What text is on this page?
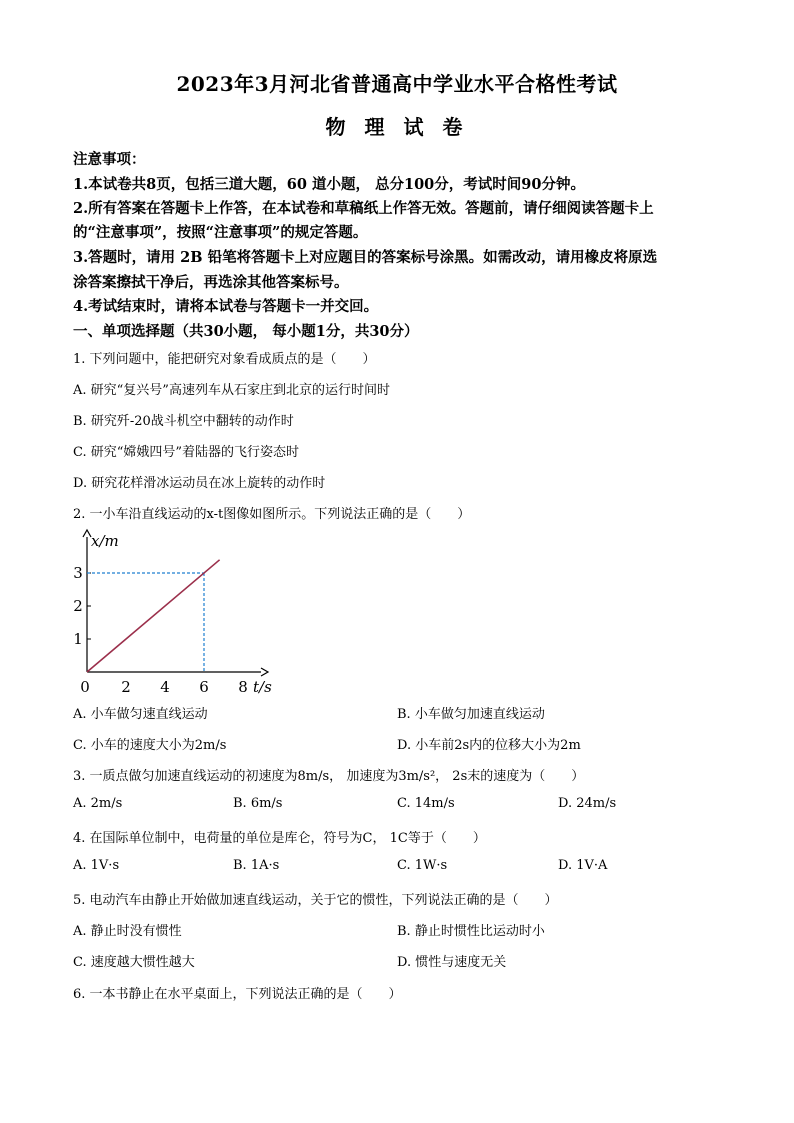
2023年3月河北省普通高中学业水平合格性考试
物 理 试 卷
注意事项：
1.本试卷共8页，包括三道大题，60 道小题， 总分100分，考试时间90分钟。
2.所有答案在答题卡上作答，在本试卷和草稿纸上作答无效。答题前，请仔细阅读答题卡上
的“注意事项”，按照“注意事项”的规定答题。
3.答题时，请用 2B 铅笔将答题卡上对应题目的答案标号涂黑。如需改动，请用橡皮将原选
涂答案擦拭干净后，再选涂其他答案标号。
4.考试结束时，请将本试卷与答题卡一并交回。
一、单项选择题（共30小题， 每小题1分，共30分）
1. 下列问题中，能把研究对象看成质点的是（　　）
A. 研究“复兴号”高速列车从石家庄到北京的运行时间时
B. 研究歼-20战斗机空中翻转的动作时
C. 研究“嫦娥四号”着陆器的飞行姿态时
D. 研究花样滑冰运动员在冰上旋转的动作时
2. 一小车沿直线运动的x-t图像如图所示。下列说法正确的是（　　）
t/s
x/m
0 2 4 6 8
1
2
3
A. 小车做匀速直线运动	B. 小车做匀加速直线运动
C. 小车的速度大小为2m/s	D. 小车前2s内的位移大小为2m
3. 一质点做匀加速直线运动的初速度为8m/s， 加速度为3m/s²， 2s末的速度为（　　）
A. 2m/s	B. 6m/s	C. 14m/s	D. 24m/s
4. 在国际单位制中，电荷量的单位是库仑，符号为C， 1C等于（　　）
A. 1V·s	B. 1A·s	C. 1W·s	D. 1V·A
5. 电动汽车由静止开始做加速直线运动，关于它的惯性，下列说法正确的是（　　）
A. 静止时没有惯性	B. 静止时惯性比运动时小
C. 速度越大惯性越大	D. 惯性与速度无关
6. 一本书静止在水平桌面上，下列说法正确的是（　　）
